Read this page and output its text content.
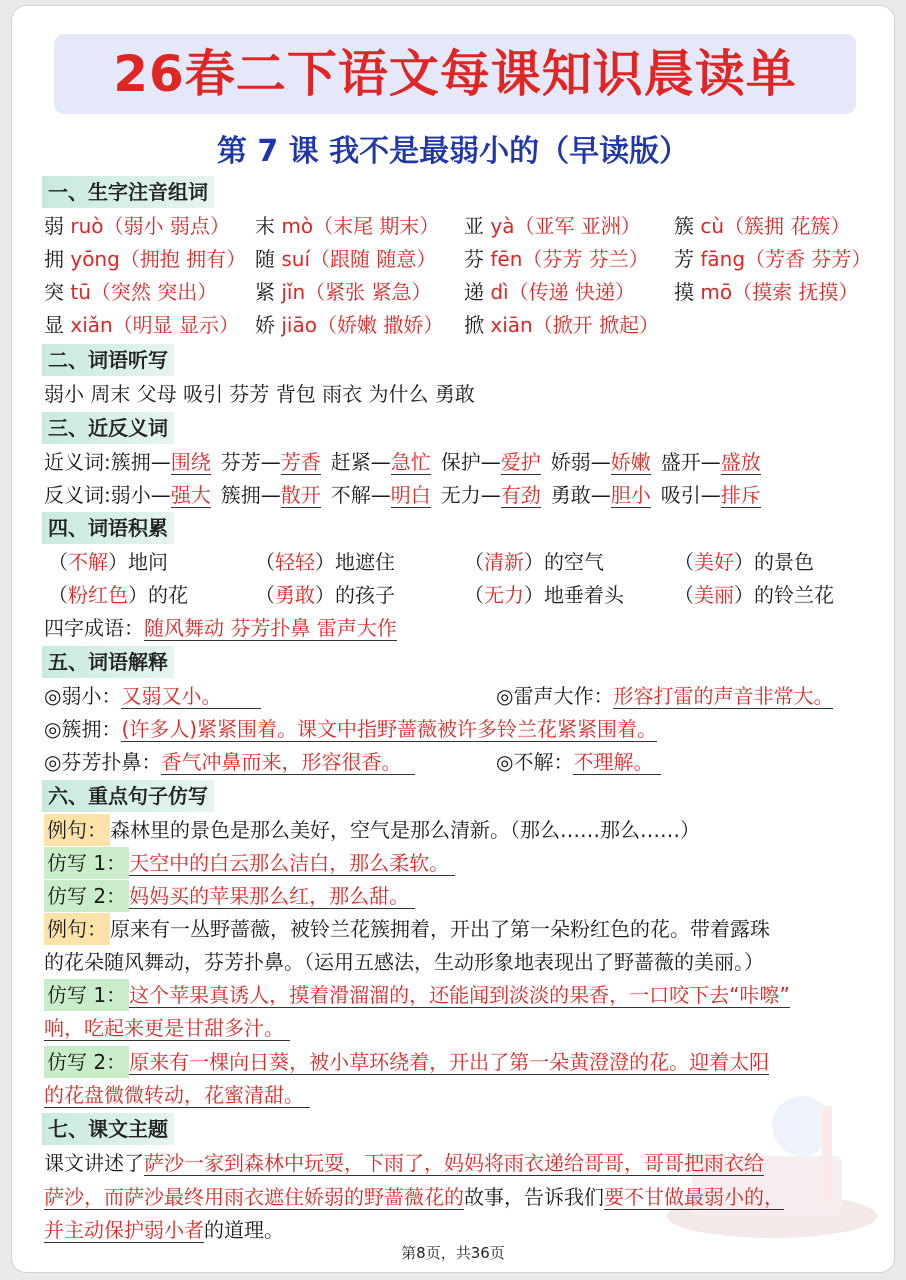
26春二下语文每课知识晨读单
第 7 课 我不是最弱小的（早读版）
一、生字注音组词
弱 ruò（弱小 弱点） 末 mò（末尾 期末） 亚 yà（亚军 亚洲） 簇 cù（簇拥 花簇）
拥 yōng（拥抱 拥有） 随 suí（跟随 随意） 芬 fēn（芬芳 芬兰） 芳 fāng（芳香 芬芳）
突 tū（突然 突出） 紧 jǐn（紧张 紧急） 递 dì（传递 快递） 摸 mō（摸索 抚摸）
显 xiǎn（明显 显示） 娇 jiāo（娇嫩 撒娇） 掀 xiān（掀开 掀起）
二、词语听写
弱小 周末 父母 吸引 芬芳 背包 雨衣 为什么 勇敢
三、近反义词
近义词:簇拥—围绕 芬芳—芳香 赶紧—急忙 保护—爱护 娇弱—娇嫩 盛开—盛放
反义词:弱小—强大 簇拥—散开 不解—明白 无力—有劲 勇敢—胆小 吸引—排斥
四、词语积累
（不解）地问	（轻轻）地遮住	（清新）的空气	（美好）的景色
（粉红色）的花	（勇敢）的孩子	（无力）地垂着头	（美丽）的铃兰花
四字成语：随风舞动 芬芳扑鼻 雷声大作
五、词语解释
◎弱小：又弱又小。	◎雷声大作：形容打雷的声音非常大。
◎簇拥：(许多人)紧紧围着。课文中指野蔷薇被许多铃兰花紧紧围着。
◎芬芳扑鼻：香气冲鼻而来，形容很香。	◎不解：不理解。
六、重点句子仿写
例句： 森林里的景色是那么美好，空气是那么清新。（那么……那么……）
仿写 1： 天空中的白云那么洁白，那么柔软。
仿写 2： 妈妈买的苹果那么红，那么甜。
例句： 原来有一丛野蔷薇，被铃兰花簇拥着，开出了第一朵粉红色的花。带着露珠
的花朵随风舞动，芬芳扑鼻。（运用五感法，生动形象地表现出了野蔷薇的美丽。）
仿写 1： 这个苹果真诱人，摸着滑溜溜的，还能闻到淡淡的果香，一口咬下去“咔嚓”
响，吃起来更是甘甜多汁。
仿写 2： 原来有一棵向日葵，被小草环绕着，开出了第一朵黄澄澄的花。迎着太阳
的花盘微微转动，花蜜清甜。
七、课文主题
课文讲述了萨沙一家到森林中玩耍，下雨了，妈妈将雨衣递给哥哥，哥哥把雨衣给
萨沙，而萨沙最终用雨衣遮住娇弱的野蔷薇花的故事，告诉我们要不甘做最弱小的，
并主动保护弱小者的道理。
第8页，共36页
